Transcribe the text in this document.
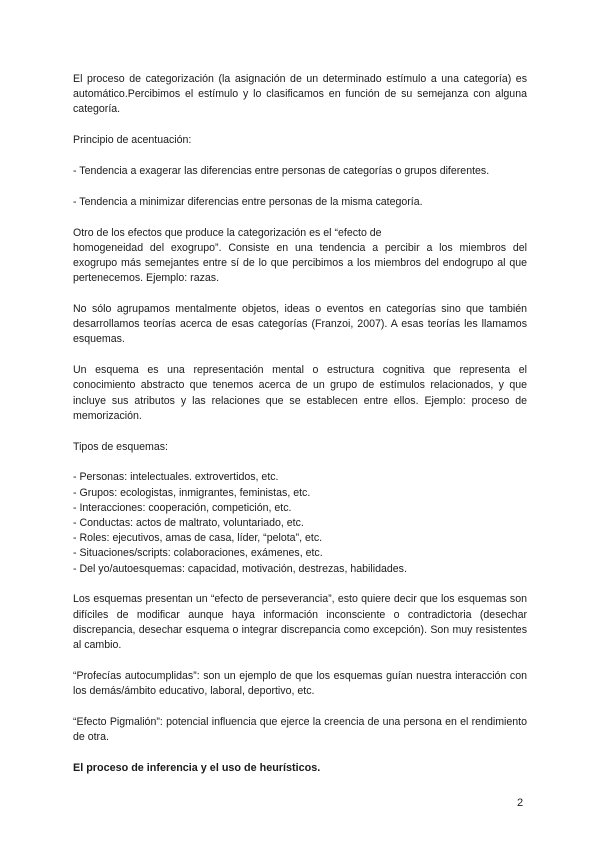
El proceso de categorización (la asignación de un determinado estímulo a una categoría) es automático.Percibimos el estímulo y lo clasificamos en función de su semejanza con alguna categoría.

Principio de acentuación:

- Tendencia a exagerar las diferencias entre personas de categorías o grupos diferentes.

- Tendencia a minimizar diferencias entre personas de la misma categoría.

Otro de los efectos que produce la categorización es el “efecto de
homogeneidad del exogrupo”. Consiste en una tendencia a percibir a los miembros del exogrupo más semejantes entre sí de lo que percibimos a los miembros del endogrupo al que pertenecemos. Ejemplo: razas.

No sólo agrupamos mentalmente objetos, ideas o eventos en categorías sino que también desarrollamos teorías acerca de esas categorías (Franzoi, 2007). A esas teorías les llamamos esquemas.

Un esquema es una representación mental o estructura cognitiva que representa el conocimiento abstracto que tenemos acerca de un grupo de estímulos relacionados, y que incluye sus atributos y las relaciones que se establecen entre ellos. Ejemplo: proceso de memorización.

Tipos de esquemas:

- Personas: intelectuales. extrovertidos, etc.
- Grupos: ecologistas, inmigrantes, feministas, etc.
- Interacciones: cooperación, competición, etc.
- Conductas: actos de maltrato, voluntariado, etc.
- Roles: ejecutivos, amas de casa, líder, “pelota”, etc.
- Situaciones/scripts: colaboraciones, exámenes, etc.
- Del yo/autoesquemas: capacidad, motivación, destrezas, habilidades.

Los esquemas presentan un “efecto de perseverancia”, esto quiere decir que los esquemas son difíciles de modificar aunque haya información inconsciente o contradictoria (desechar discrepancia, desechar esquema o integrar discrepancia como excepción). Son muy resistentes al cambio.

“Profecías autocumplidas”: son un ejemplo de que los esquemas guían nuestra interacción con los demás/ámbito educativo, laboral, deportivo, etc.

“Efecto Pigmalión”: potencial influencia que ejerce la creencia de una persona en el rendimiento de otra.

El proceso de inferencia y el uso de heurísticos.

2
